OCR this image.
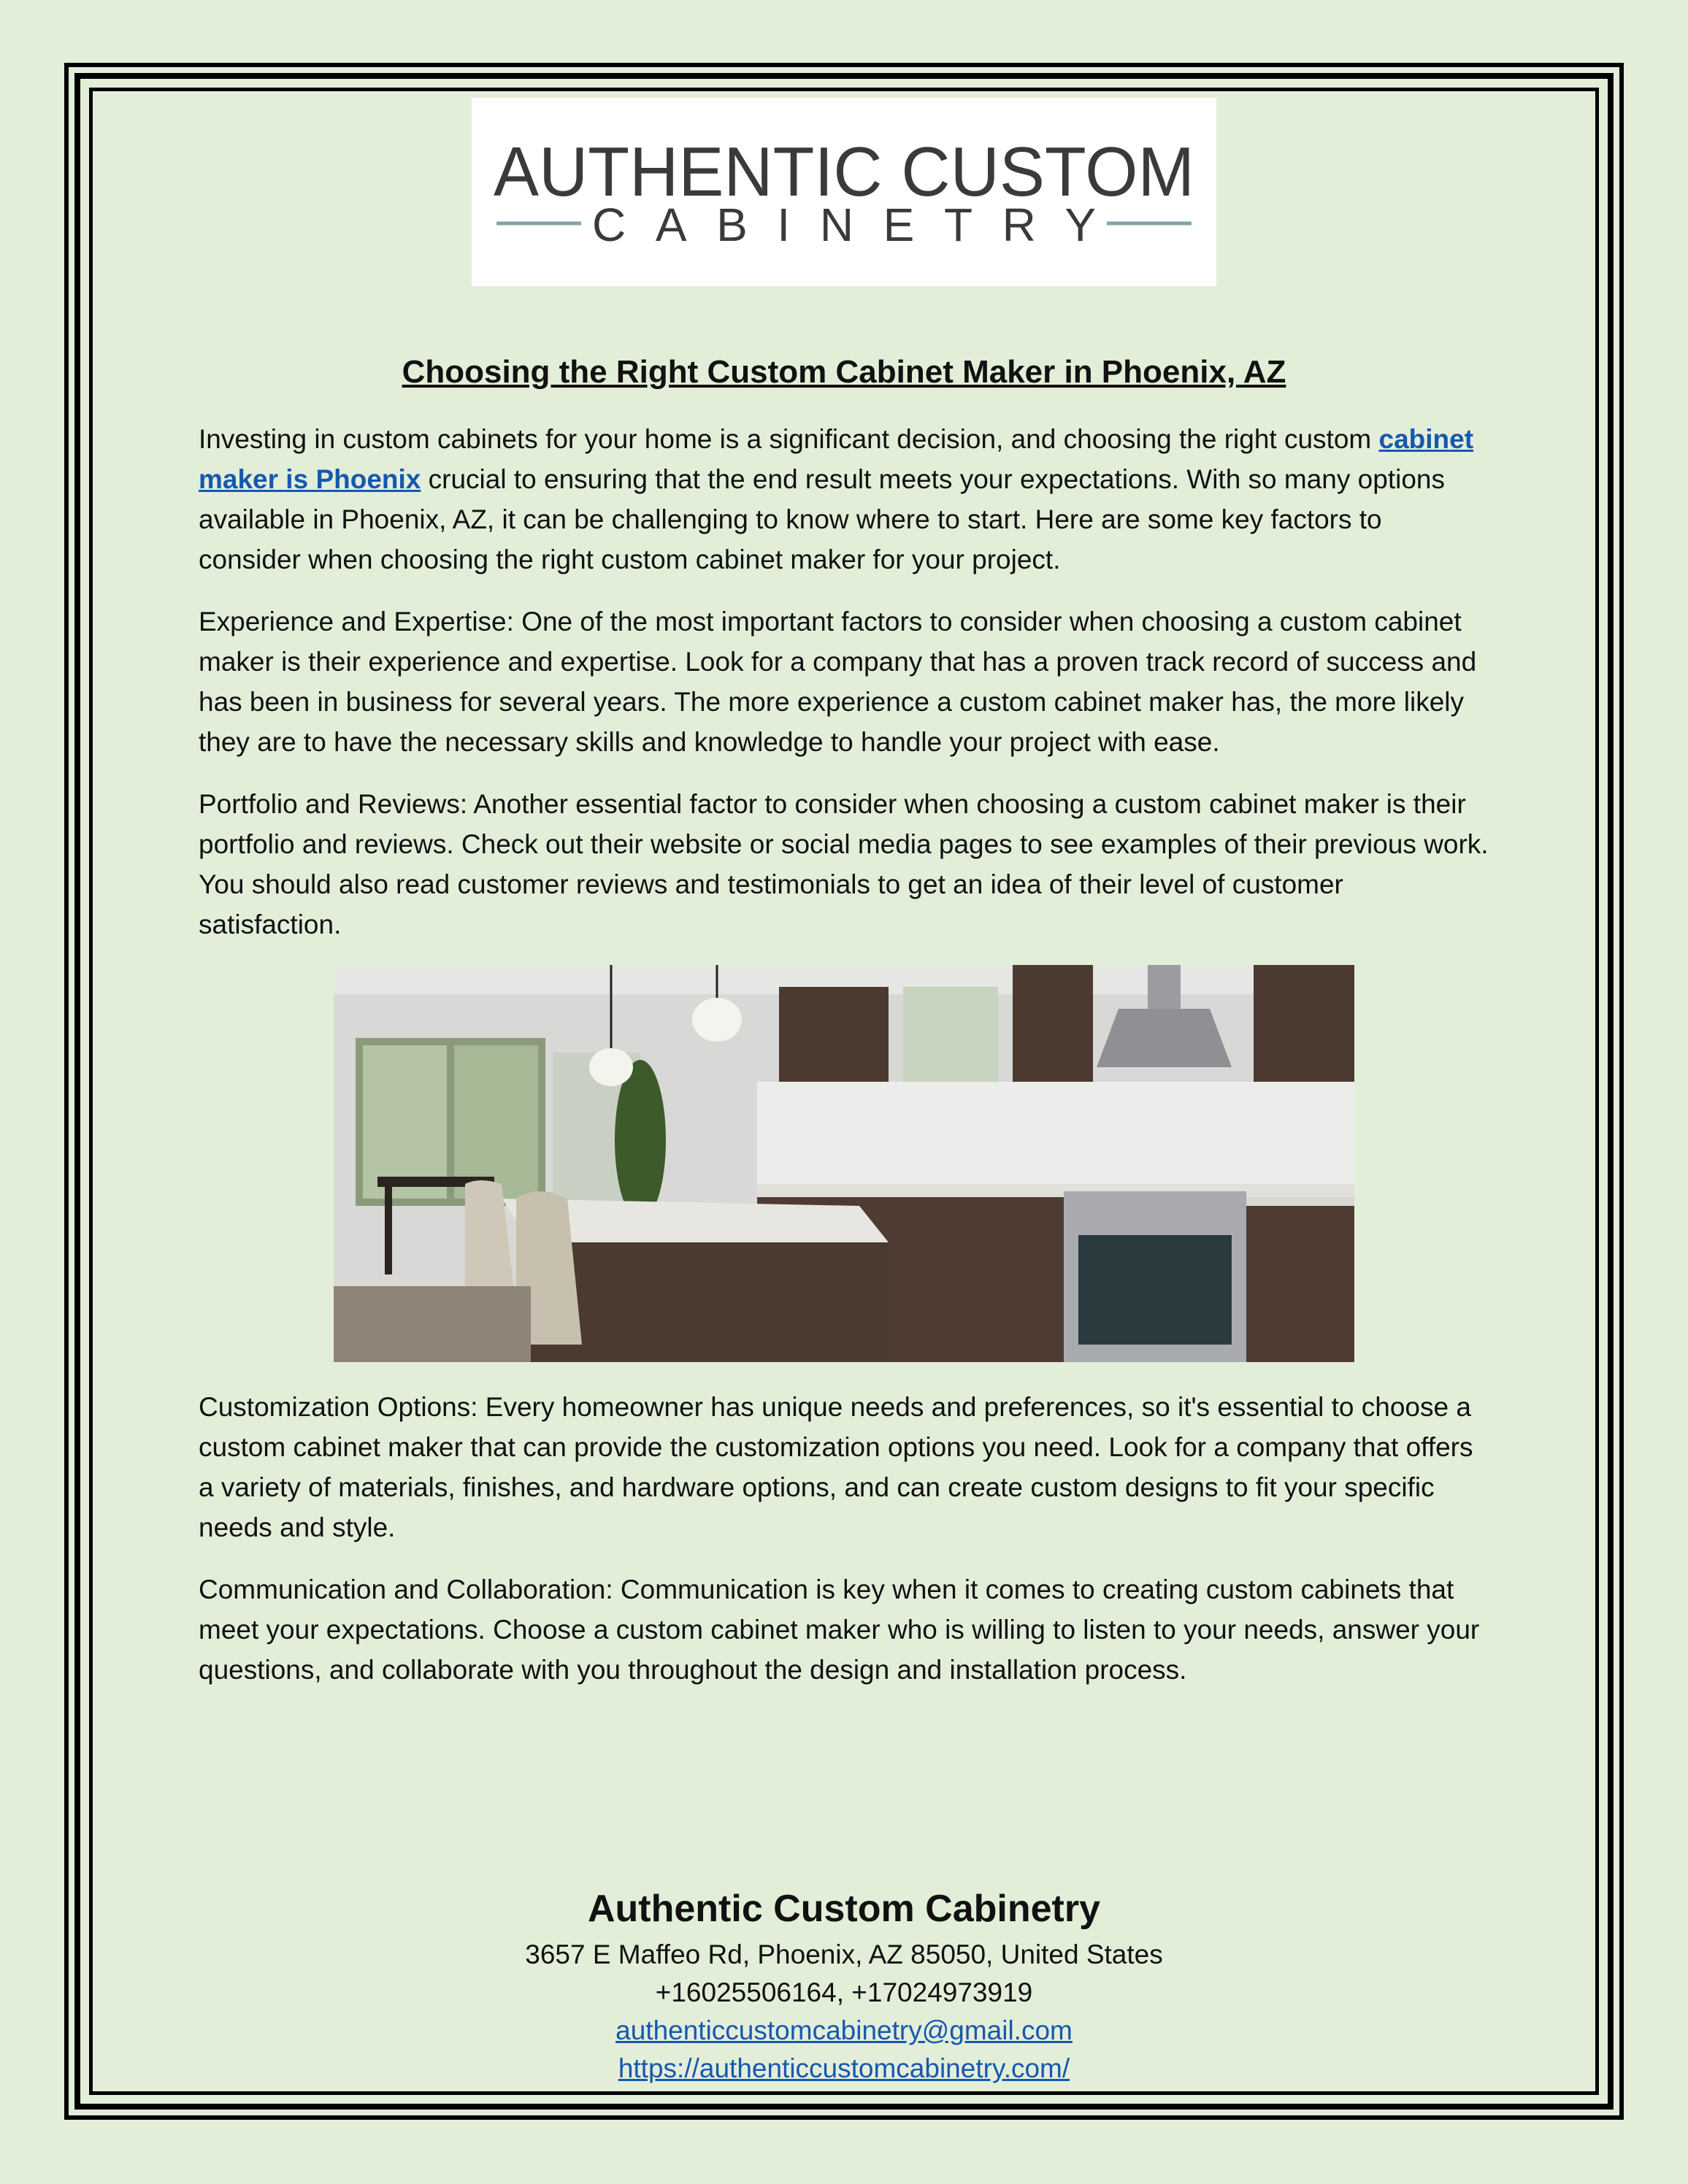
AUTHENTIC CUSTOM
CABINETRY
Choosing the Right Custom Cabinet Maker in Phoenix, AZ

Investing in custom cabinets for your home is a significant decision, and choosing the right custom cabinet maker is Phoenix crucial to ensuring that the end result meets your expectations. With so many options available in Phoenix, AZ, it can be challenging to know where to start. Here are some key factors to consider when choosing the right custom cabinet maker for your project.

Experience and Expertise: One of the most important factors to consider when choosing a custom cabinet maker is their experience and expertise. Look for a company that has a proven track record of success and has been in business for several years. The more experience a custom cabinet maker has, the more likely they are to have the necessary skills and knowledge to handle your project with ease.

Portfolio and Reviews: Another essential factor to consider when choosing a custom cabinet maker is their portfolio and reviews. Check out their website or social media pages to see examples of their previous work. You should also read customer reviews and testimonials to get an idea of their level of customer satisfaction.

Customization Options: Every homeowner has unique needs and preferences, so it's essential to choose a custom cabinet maker that can provide the customization options you need. Look for a company that offers a variety of materials, finishes, and hardware options, and can create custom designs to fit your specific needs and style.

Communication and Collaboration: Communication is key when it comes to creating custom cabinets that meet your expectations. Choose a custom cabinet maker who is willing to listen to your needs, answer your questions, and collaborate with you throughout the design and installation process.

Authentic Custom Cabinetry

3657 E Maffeo Rd, Phoenix, AZ 85050, United States

+16025506164, +17024973919

authenticcustomcabinetry@gmail.com

https://authenticcustomcabinetry.com/
